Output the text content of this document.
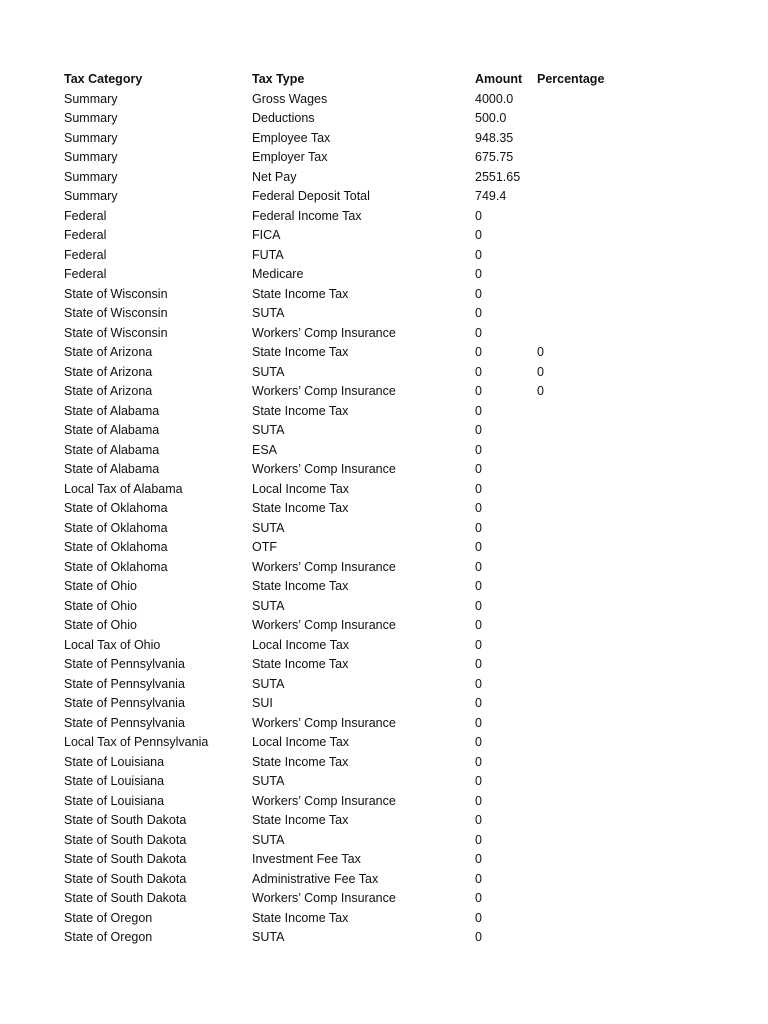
Tax Category	Tax Type	Amount	Percentage
Summary	Gross Wages	4000.0	
Summary	Deductions	500.0	
Summary	Employee Tax	948.35	
Summary	Employer Tax	675.75	
Summary	Net Pay	2551.65	
Summary	Federal Deposit Total	749.4	
Federal	Federal Income Tax	0	
Federal	FICA	0	
Federal	FUTA	0	
Federal	Medicare	0	
State of Wisconsin	State Income Tax	0	
State of Wisconsin	SUTA	0	
State of Wisconsin	Workers’ Comp Insurance	0	
State of Arizona	State Income Tax	0	0
State of Arizona	SUTA	0	0
State of Arizona	Workers’ Comp Insurance	0	0
State of Alabama	State Income Tax	0	
State of Alabama	SUTA	0	
State of Alabama	ESA	0	
State of Alabama	Workers’ Comp Insurance	0	
Local Tax of Alabama	Local Income Tax	0	
State of Oklahoma	State Income Tax	0	
State of Oklahoma	SUTA	0	
State of Oklahoma	OTF	0	
State of Oklahoma	Workers’ Comp Insurance	0	
State of Ohio	State Income Tax	0	
State of Ohio	SUTA	0	
State of Ohio	Workers’ Comp Insurance	0	
Local Tax of Ohio	Local Income Tax	0	
State of Pennsylvania	State Income Tax	0	
State of Pennsylvania	SUTA	0	
State of Pennsylvania	SUI	0	
State of Pennsylvania	Workers’ Comp Insurance	0	
Local Tax of Pennsylvania	Local Income Tax	0	
State of Louisiana	State Income Tax	0	
State of Louisiana	SUTA	0	
State of Louisiana	Workers’ Comp Insurance	0	
State of South Dakota	State Income Tax	0	
State of South Dakota	SUTA	0	
State of South Dakota	Investment Fee Tax	0	
State of South Dakota	Administrative Fee Tax	0	
State of South Dakota	Workers’ Comp Insurance	0	
State of Oregon	State Income Tax	0	
State of Oregon	SUTA	0	
